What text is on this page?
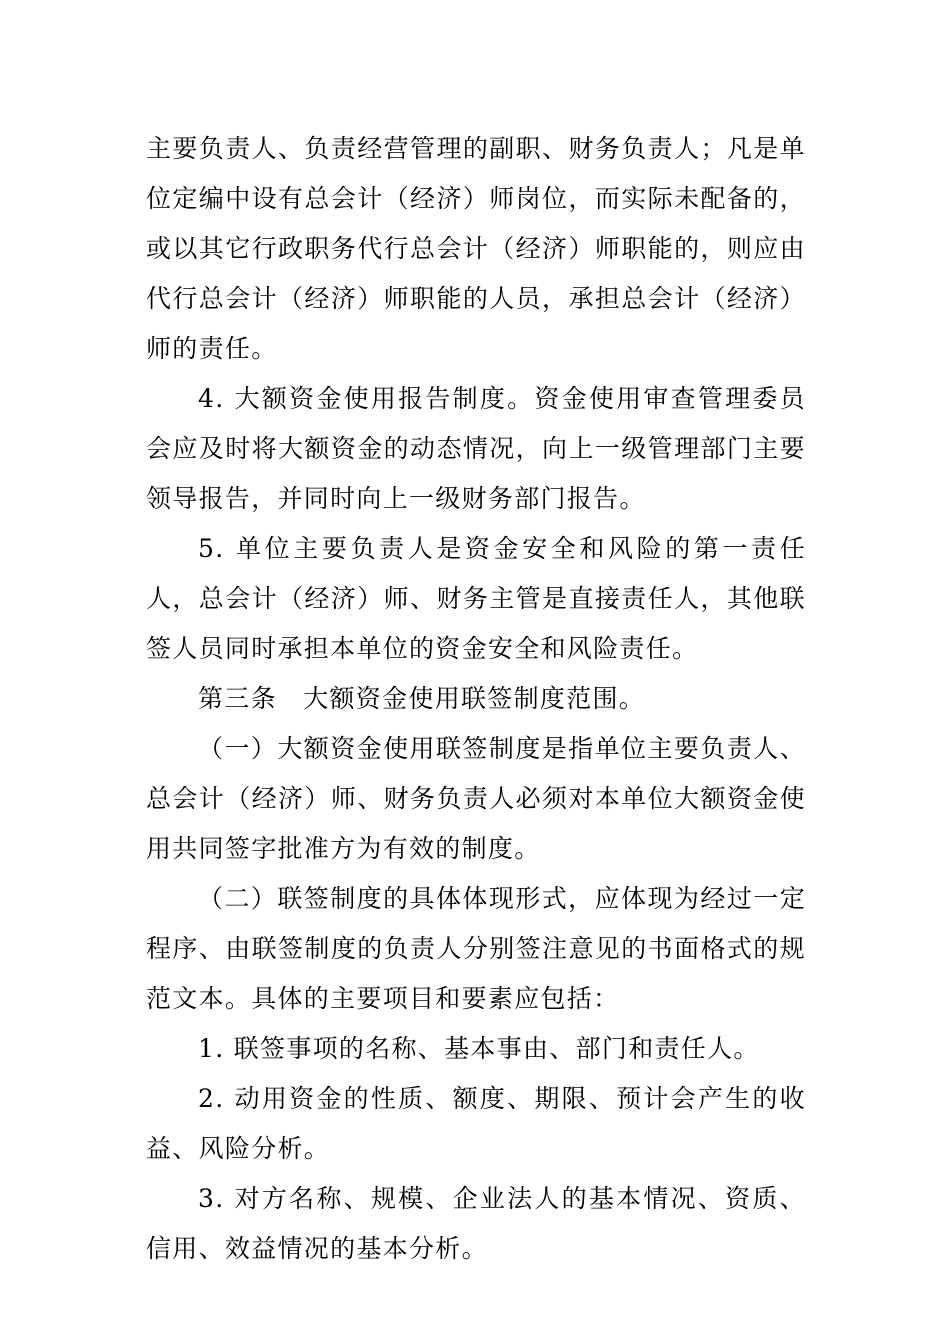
主要负责人、负责经营管理的副职、财务负责人；凡是单位定编中设有总会计（经济）师岗位，而实际未配备的，或以其它行政职务代行总会计（经济）师职能的，则应由代行总会计（经济）师职能的人员，承担总会计（经济）师的责任。

4. 大额资金使用报告制度。资金使用审查管理委员会应及时将大额资金的动态情况，向上一级管理部门主要领导报告，并同时向上一级财务部门报告。

5. 单位主要负责人是资金安全和风险的第一责任人，总会计（经济）师、财务主管是直接责任人，其他联签人员同时承担本单位的资金安全和风险责任。

第三条　大额资金使用联签制度范围。

（一）大额资金使用联签制度是指单位主要负责人、总会计（经济）师、财务负责人必须对本单位大额资金使用共同签字批准方为有效的制度。

（二）联签制度的具体体现形式，应体现为经过一定程序、由联签制度的负责人分别签注意见的书面格式的规范文本。具体的主要项目和要素应包括：

1. 联签事项的名称、基本事由、部门和责任人。

2. 动用资金的性质、额度、期限、预计会产生的收益、风险分析。

3. 对方名称、规模、企业法人的基本情况、资质、信用、效益情况的基本分析。
